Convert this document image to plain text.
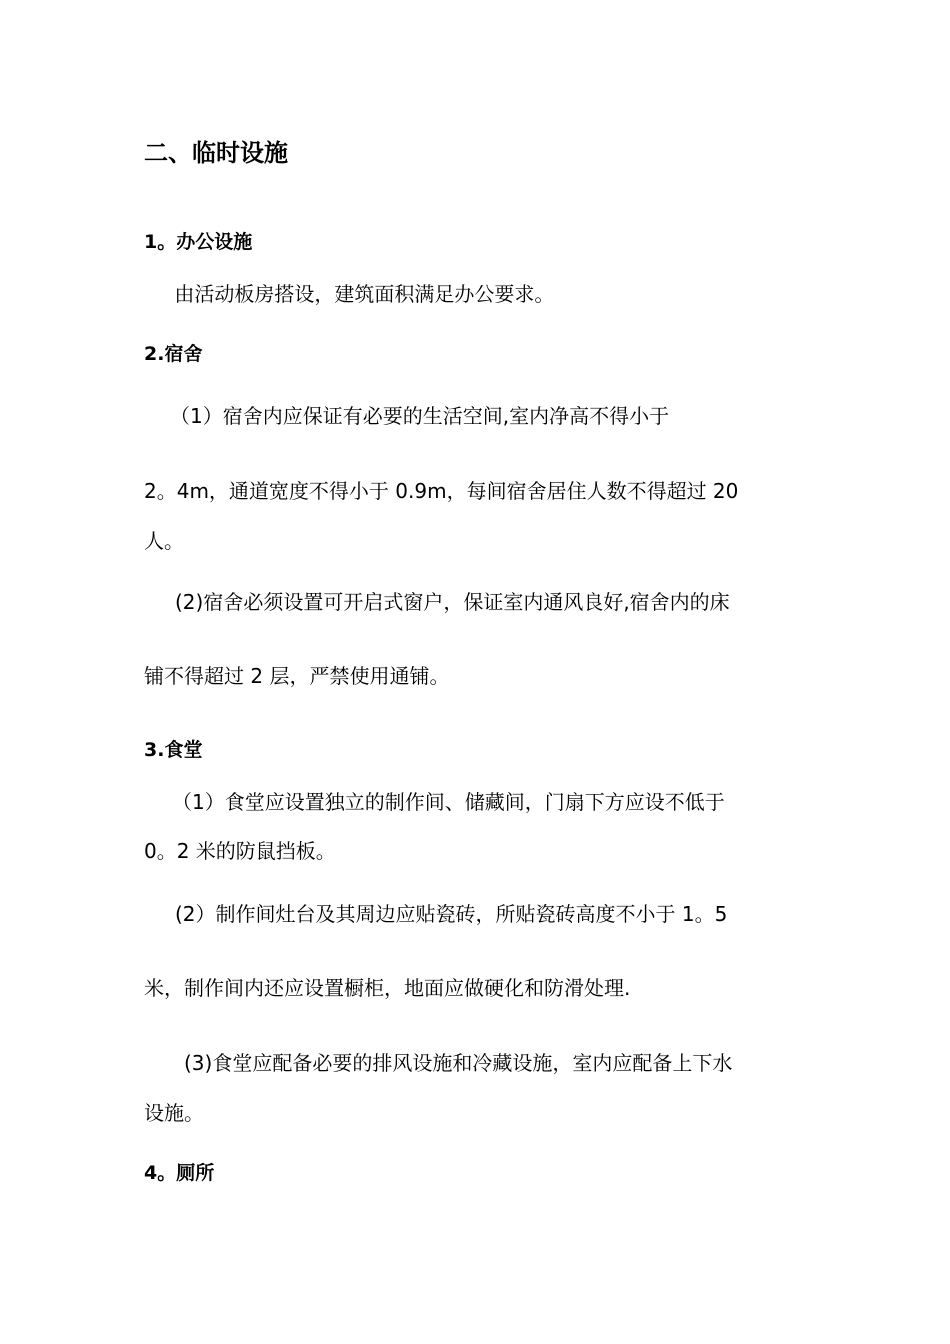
二、临时设施
1。办公设施
　 由活动板房搭设，建筑面积满足办公要求。
2.宿舍
　（1）宿舍内应保证有必要的生活空间,室内净高不得小于
2。4m，通道宽度不得小于 0.9m，每间宿舍居住人数不得超过 20
人。
　(2)宿舍必须设置可开启式窗户，保证室内通风良好,宿舍内的床
铺不得超过 2 层，严禁使用通铺。
3.食堂
（1）食堂应设置独立的制作间、储藏间，门扇下方应设不低于
0。2 米的防鼠挡板。
　(2）制作间灶台及其周边应贴瓷砖，所贴瓷砖高度不小于 1。5
米，制作间内还应设置橱柜，地面应做硬化和防滑处理.
　(3)食堂应配备必要的排风设施和冷藏设施，室内应配备上下水
设施。
4。厕所
